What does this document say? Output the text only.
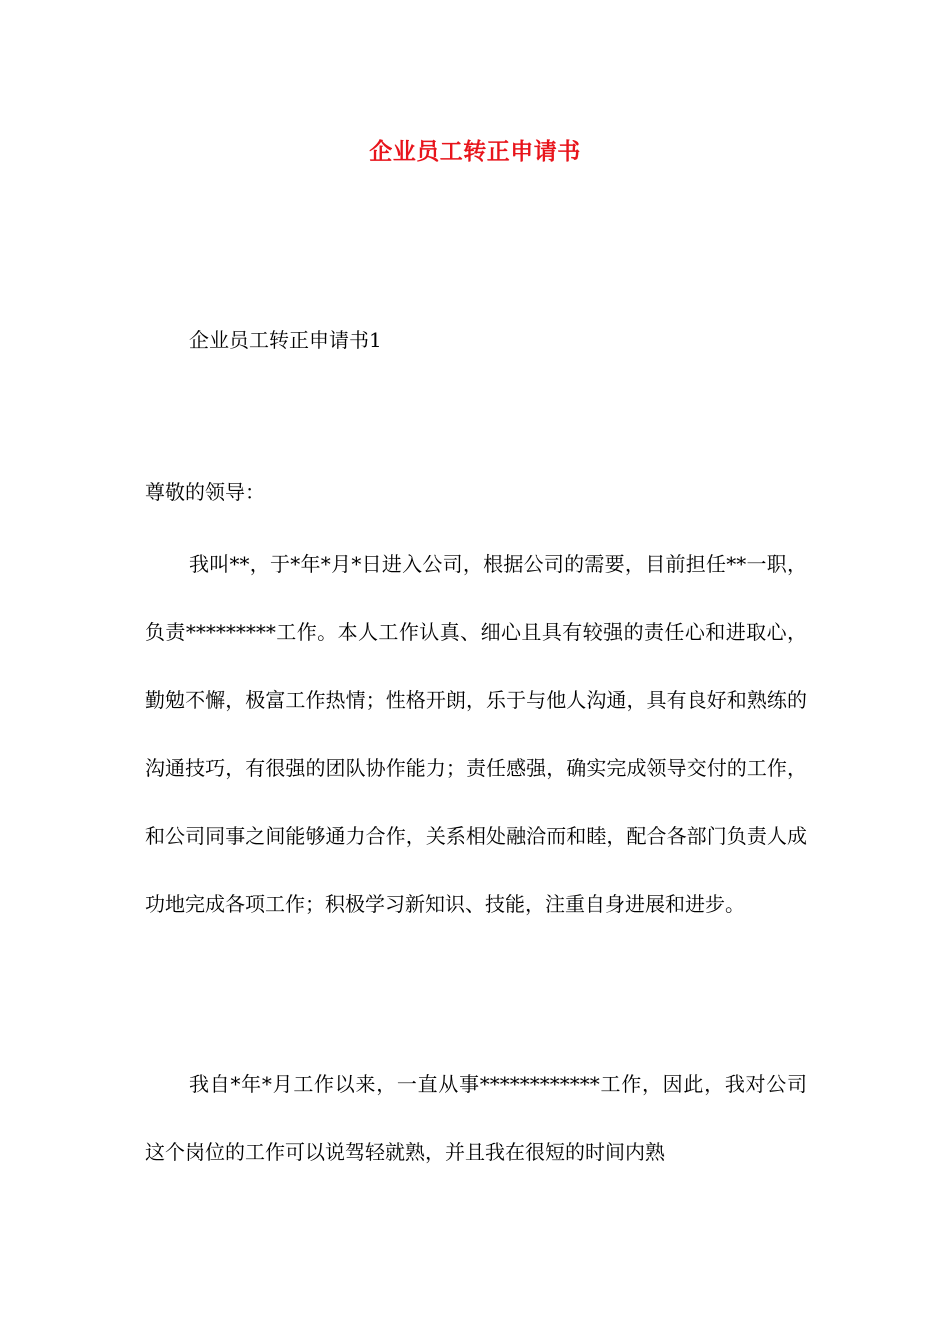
企业员工转正申请书
企业员工转正申请书1
尊敬的领导：

我叫**，于*年*月*日进入公司，根据公司的需要，目前担任**一职，负责*********工作。本人工作认真、细心且具有较强的责任心和进取心，勤勉不懈，极富工作热情；性格开朗，乐于与他人沟通，具有良好和熟练的沟通技巧，有很强的团队协作能力；责任感强，确实完成领导交付的工作，和公司同事之间能够通力合作，关系相处融洽而和睦，配合各部门负责人成功地完成各项工作；积极学习新知识、技能，注重自身进展和进步。

我自*年*月工作以来，一直从事************工作，因此，我对公司这个岗位的工作可以说驾轻就熟，并且我在很短的时间内熟
